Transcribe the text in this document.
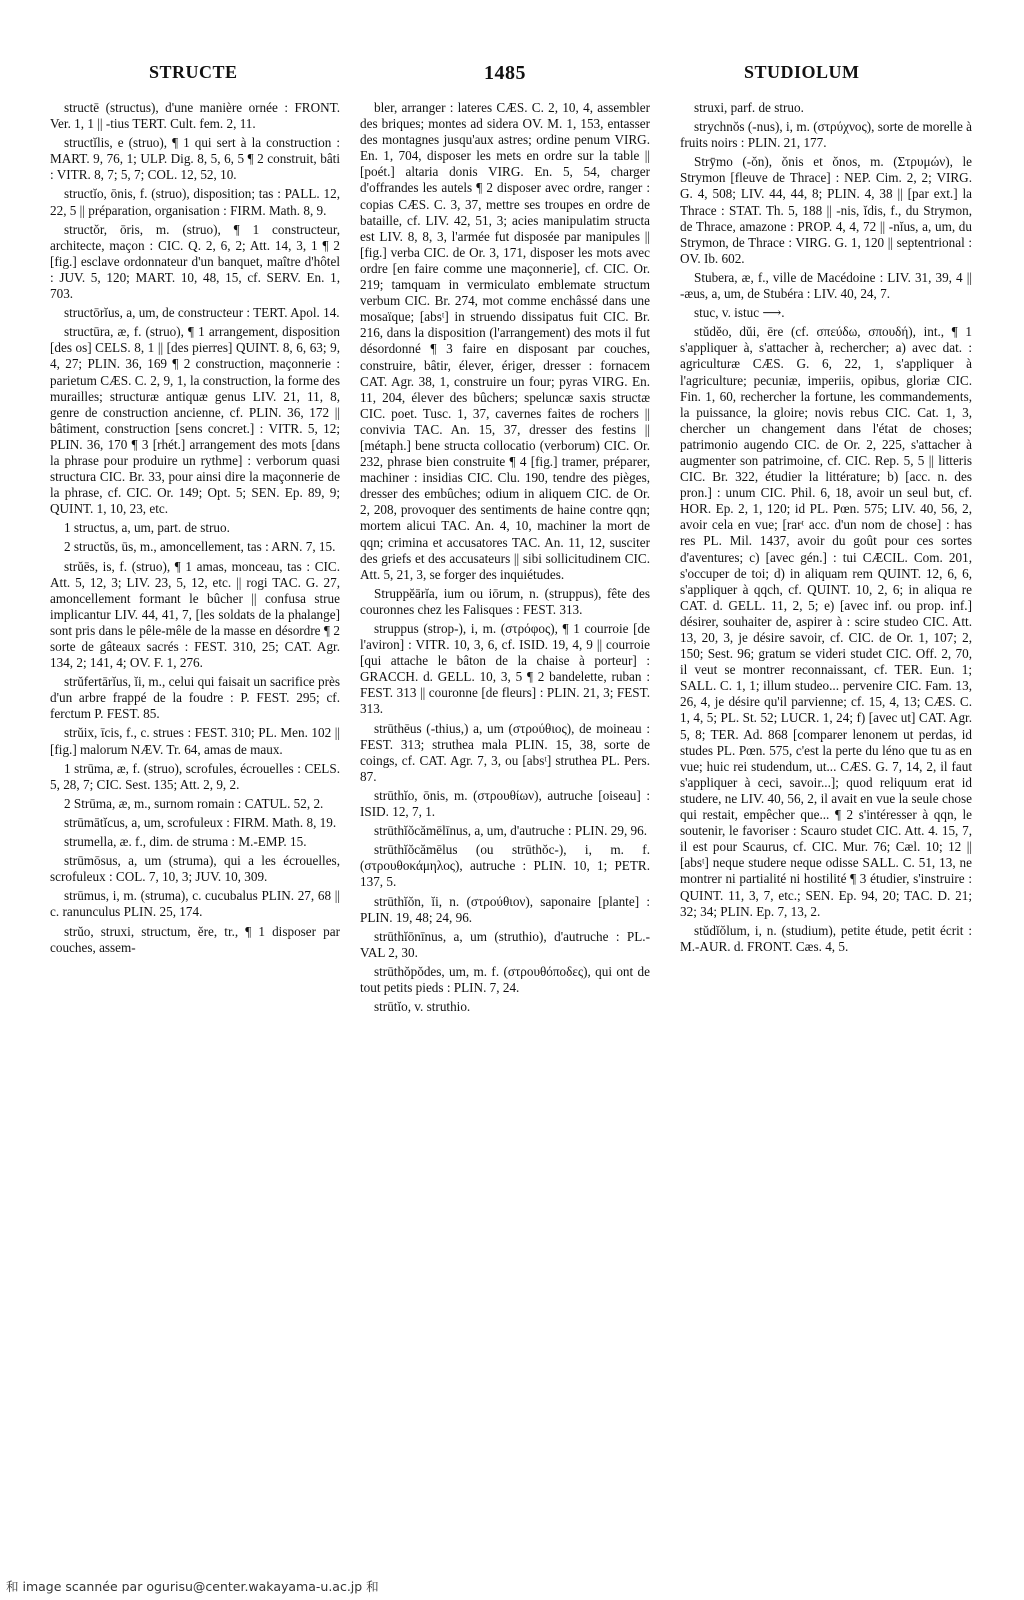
STRUCTE	1485	STUDIOLUM

structē (structus), d'une manière ornée : FRONT. Ver. 1, 1 || -tius TERT. Cult. fem. 2, 11.

structĭlis, e (struo), ¶ 1 qui sert à la construction : MART. 9, 76, 1; ULP. Dig. 8, 5, 6, 5 ¶ 2 construit, bâti : VITR. 8, 7; 5, 7; COL. 12, 52, 10.

structĭo, ōnis, f. (struo), disposition; tas : PALL. 12, 22, 5 || préparation, organisation : FIRM. Math. 8, 9.

structŏr, ōris, m. (struo), ¶ 1 constructeur, architecte, maçon : CIC. Q. 2, 6, 2; Att. 14, 3, 1 ¶ 2 [fig.] esclave ordonnateur d'un banquet, maître d'hôtel : JUV. 5, 120; MART. 10, 48, 15, cf. SERV. En. 1, 703.

structōrĭus, a, um, de constructeur : TERT. Apol. 14.

structūra, æ, f. (struo), ¶ 1 arrangement, disposition [des os] CELS. 8, 1 || [des pierres] QUINT. 8, 6, 63; 9, 4, 27; PLIN. 36, 169 ¶ 2 construction, maçonnerie : parietum CÆS. C. 2, 9, 1, la construction, la forme des murailles; structuræ antiquæ genus LIV. 21, 11, 8, genre de construction ancienne, cf. PLIN. 36, 172 || bâtiment, construction [sens concret.] : VITR. 5, 12; PLIN. 36, 170 ¶ 3 [rhét.] arrangement des mots [dans la phrase pour produire un rythme] : verborum quasi structura CIC. Br. 33, pour ainsi dire la maçonnerie de la phrase, cf. CIC. Or. 149; Opt. 5; SEN. Ep. 89, 9; QUINT. 1, 10, 23, etc.

1 structus, a, um, part. de struo.

2 structŭs, ūs, m., amoncellement, tas : ARN. 7, 15.

strŭēs, is, f. (struo), ¶ 1 amas, monceau, tas : CIC. Att. 5, 12, 3; LIV. 23, 5, 12, etc. || rogi TAC. G. 27, amoncellement formant le bûcher || confusa strue implicantur LIV. 44, 41, 7, [les soldats de la phalange] sont pris dans le pêle-mêle de la masse en désordre ¶ 2 sorte de gâteaux sacrés : FEST. 310, 25; CAT. Agr. 134, 2; 141, 4; OV. F. 1, 276.

strŭfertārĭus, ĭi, m., celui qui faisait un sacrifice près d'un arbre frappé de la foudre : P. FEST. 295; cf. ferctum P. FEST. 85.

strŭix, īcis, f., c. strues : FEST. 310; PL. Men. 102 || [fig.] malorum NÆV. Tr. 64, amas de maux.

1 strūma, æ, f. (struo), scrofules, écrouelles : CELS. 5, 28, 7; CIC. Sest. 135; Att. 2, 9, 2.

2 Strūma, æ, m., surnom romain : CATUL. 52, 2.

strūmātĭcus, a, um, scrofuleux : FIRM. Math. 8, 19.

strumella, æ. f., dim. de struma : M.-EMP. 15.

strūmōsus, a, um (struma), qui a les écrouelles, scrofuleux : COL. 7, 10, 3; JUV. 10, 309.

strūmus, i, m. (struma), c. cucubalus PLIN. 27, 68 || c. ranunculus PLIN. 25, 174.

strŭo, struxi, structum, ĕre, tr., ¶ 1 disposer par couches, assem-

bler, arranger : lateres CÆS. C. 2, 10, 4, assembler des briques; montes ad sidera OV. M. 1, 153, entasser des montagnes jusqu'aux astres; ordine penum VIRG. En. 1, 704, disposer les mets en ordre sur la table || [poét.] altaria donis VIRG. En. 5, 54, charger d'offrandes les autels ¶ 2 disposer avec ordre, ranger : copias CÆS. C. 3, 37, mettre ses troupes en ordre de bataille, cf. LIV. 42, 51, 3; acies manipulatim structa est LIV. 8, 8, 3, l'armée fut disposée par manipules || [fig.] verba CIC. de Or. 3, 171, disposer les mots avec ordre [en faire comme une maçonnerie], cf. CIC. Or. 219; tamquam in vermiculato emblemate structum verbum CIC. Br. 274, mot comme enchâssé dans une mosaïque; [absᵗ] in struendo dissipatus fuit CIC. Br. 216, dans la disposition (l'arrangement) des mots il fut désordonné ¶ 3 faire en disposant par couches, construire, bâtir, élever, ériger, dresser : fornacem CAT. Agr. 38, 1, construire un four; pyras VIRG. En. 11, 204, élever des bûchers; speluncæ saxis structæ CIC. poet. Tusc. 1, 37, cavernes faites de rochers || convivia TAC. An. 15, 37, dresser des festins || [métaph.] bene structa collocatio (verborum) CIC. Or. 232, phrase bien construite ¶ 4 [fig.] tramer, préparer, machiner : insidias CIC. Clu. 190, tendre des pièges, dresser des embûches; odium in aliquem CIC. de Or. 2, 208, provoquer des sentiments de haine contre qqn; mortem alicui TAC. An. 4, 10, machiner la mort de qqn; crimina et accusatores TAC. An. 11, 12, susciter des griefs et des accusateurs || sibi sollicitudinem CIC. Att. 5, 21, 3, se forger des inquiétudes.

Struppĕārĭa, ium ou iōrum, n. (struppus), fête des couronnes chez les Falisques : FEST. 313.

struppus (strop-), i, m. (στρόφος), ¶ 1 courroie [de l'aviron] : VITR. 10, 3, 6, cf. ISID. 19, 4, 9 || courroie [qui attache le bâton de la chaise à porteur] : GRACCH. d. GELL. 10, 3, 5 ¶ 2 bandelette, ruban : FEST. 313 || couronne [de fleurs] : PLIN. 21, 3; FEST. 313.

strūthēus (-thius,) a, um (στρούθιος), de moineau : FEST. 313; struthea mala PLIN. 15, 38, sorte de coings, cf. CAT. Agr. 7, 3, ou [absᵗ] struthea PL. Pers. 87.

strūthĭo, ōnis, m. (στρουθίων), autruche [oiseau] : ISID. 12, 7, 1.

strūthĭŏcămēlīnus, a, um, d'autruche : PLIN. 29, 96.

strūthĭŏcămēlus (ou strūthŏc-), i, m. f. (στρουθοκάμηλος), autruche : PLIN. 10, 1; PETR. 137, 5.

strūthĭŏn, ĭi, n. (στρούθιον), saponaire [plante] : PLIN. 19, 48; 24, 96.

strūthĭōnīnus, a, um (struthio), d'autruche : PL.-VAL 2, 30.

strūthŏpŏdes, um, m. f. (στρουθόποδες), qui ont de tout petits pieds : PLIN. 7, 24.

strūtĭo, v. struthio.

struxi, parf. de struo.

strychnŏs (-nus), i, m. (στρύχνος), sorte de morelle à fruits noirs : PLIN. 21, 177.

Strȳmo (-ŏn), ŏnis et ŏnos, m. (Στρυμών), le Strymon [fleuve de Thrace] : NEP. Cim. 2, 2; VIRG. G. 4, 508; LIV. 44, 44, 8; PLIN. 4, 38 || [par ext.] la Thrace : STAT. Th. 5, 188 || -nis, ĭdis, f., du Strymon, de Thrace, amazone : PROP. 4, 4, 72 || -nĭus, a, um, du Strymon, de Thrace : VIRG. G. 1, 120 || septentrional : OV. Ib. 602.

Stubera, æ, f., ville de Macédoine : LIV. 31, 39, 4 || -æus, a, um, de Stubéra : LIV. 40, 24, 7.

stuc, v. istuc ⟶.

stŭdĕo, dŭi, ēre (cf. σπεύδω, σπουδή), int., ¶ 1 s'appliquer à, s'attacher à, rechercher; a) avec dat. : agriculturæ CÆS. G. 6, 22, 1, s'appliquer à l'agriculture; pecuniæ, imperiis, opibus, gloriæ CIC. Fin. 1, 60, rechercher la fortune, les commandements, la puissance, la gloire; novis rebus CIC. Cat. 1, 3, chercher un changement dans l'état de choses; patrimonio augendo CIC. de Or. 2, 225, s'attacher à augmenter son patrimoine, cf. CIC. Rep. 5, 5 || litteris CIC. Br. 322, étudier la littérature; b) [acc. n. des pron.] : unum CIC. Phil. 6, 18, avoir un seul but, cf. HOR. Ep. 2, 1, 120; id PL. Pœn. 575; LIV. 40, 56, 2, avoir cela en vue; [rarᵗ acc. d'un nom de chose] : has res PL. Mil. 1437, avoir du goût pour ces sortes d'aventures; c) [avec gén.] : tui CÆCIL. Com. 201, s'occuper de toi; d) in aliquam rem QUINT. 12, 6, 6, s'appliquer à qqch, cf. QUINT. 10, 2, 6; in aliqua re CAT. d. GELL. 11, 2, 5; e) [avec inf. ou prop. inf.] désirer, souhaiter de, aspirer à : scire studeo CIC. Att. 13, 20, 3, je désire savoir, cf. CIC. de Or. 1, 107; 2, 150; Sest. 96; gratum se videri studet CIC. Off. 2, 70, il veut se montrer reconnaissant, cf. TER. Eun. 1; SALL. C. 1, 1; illum studeo... pervenire CIC. Fam. 13, 26, 4, je désire qu'il parvienne; cf. 15, 4, 13; CÆS. C. 1, 4, 5; PL. St. 52; LUCR. 1, 24; f) [avec ut] CAT. Agr. 5, 8; TER. Ad. 868 [comparer lenonem ut perdas, id studes PL. Pœn. 575, c'est la perte du léno que tu as en vue; huic rei studendum, ut... CÆS. G. 7, 14, 2, il faut s'appliquer à ceci, savoir...]; quod reliquum erat id studere, ne LIV. 40, 56, 2, il avait en vue la seule chose qui restait, empêcher que... ¶ 2 s'intéresser à qqn, le soutenir, le favoriser : Scauro studet CIC. Att. 4. 15, 7, il est pour Scaurus, cf. CIC. Mur. 76; Cæl. 10; 12 || [absᵗ] neque studere neque odisse SALL. C. 51, 13, ne montrer ni partialité ni hostilité ¶ 3 étudier, s'instruire : QUINT. 11, 3, 7, etc.; SEN. Ep. 94, 20; TAC. D. 21; 32; 34; PLIN. Ep. 7, 13, 2.

stŭdĭŏlum, i, n. (studium), petite étude, petit écrit : M.-AUR. d. FRONT. Cæs. 4, 5.

和 image scannée par ogurisu@center.wakayama-u.ac.jp 和
